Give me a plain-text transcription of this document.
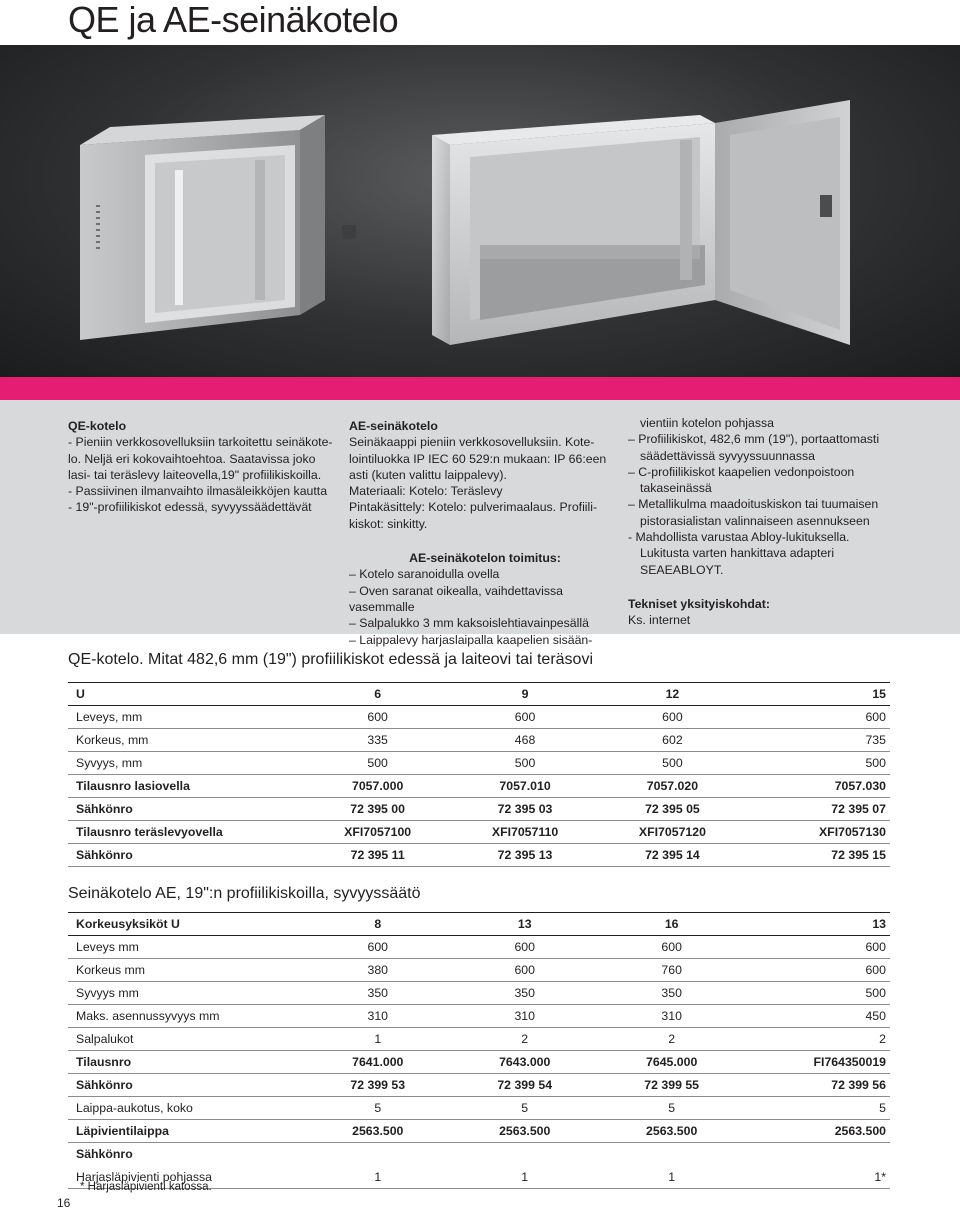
QE ja AE-seinäkotelo
QE-kotelo
- Pieniin verkkosovelluksiin tarkoitettu seinäkote-
lo. Neljä eri kokovaihtoehtoa. Saatavissa joko
lasi- tai teräslevy laiteovella,19" profiilikiskoilla.
- Passiivinen ilmanvaihto ilmasäleikköjen kautta
- 19"-profiilikiskot edessä, syvyyssäädettävät
AE-seinäkotelo
Seinäkaappi pieniin verkkosovelluksiin. Kote-
lointiluokka IP IEC 60 529:n mukaan: IP 66:een
asti (kuten valittu laippalevy).
Materiaali: Kotelo: Teräslevy
Pintakäsittely: Kotelo: pulverimaalaus. Profiili-
kiskot: sinkitty.
AE-seinäkotelon toimitus:
– Kotelo saranoidulla ovella
– Oven saranat oikealla, vaihdettavissa vasemmalle
– Salpalukko 3 mm kaksoislehtiavainpesällä
– Laippalevy harjaslaipalla kaapelien sisään-
vientiin kotelon pohjassa
– Profiilikiskot, 482,6 mm (19"), portaattomasti
säädettävissä syvyyssuunnassa
– C-profiilikiskot kaapelien vedonpoistoon
takaseinässä
– Metallikulma maadoituskiskon tai tuumaisen
pistorasialistan valinnaiseen asennukseen
- Mahdollista varustaa Abloy-lukituksella.
Lukitusta varten hankittava adapteri
SEAEABLOYT.
Tekniset yksityiskohdat:
Ks. internet
QE-kotelo. Mitat 482,6 mm (19") profiilikiskot edessä ja laiteovi tai teräsovi
U	6	9	12	15
Leveys, mm	600	600	600	600
Korkeus, mm	335	468	602	735
Syvyys, mm	500	500	500	500
Tilausnro lasiovella	7057.000	7057.010	7057.020	7057.030
Sähkönro	72 395 00	72 395 03	72 395 05	72 395 07
Tilausnro teräslevyovella	XFI7057100	XFI7057110	XFI7057120	XFI7057130
Sähkönro	72 395 11	72 395 13	72 395 14	72 395 15
Seinäkotelo AE, 19":n profiilikiskoilla, syvyyssäätö
Korkeusyksiköt U	8	13	16	13
Leveys mm	600	600	600	600
Korkeus mm	380	600	760	600
Syvyys mm	350	350	350	500
Maks. asennussyvyys mm	310	310	310	450
Salpalukot	1	2	2	2
Tilausnro	7641.000	7643.000	7645.000	FI764350019
Sähkönro	72 399 53	72 399 54	72 399 55	72 399 56
Laippa-aukotus, koko	5	5	5	5
Läpivientilaippa	2563.500	2563.500	2563.500	2563.500
Sähkönro				
Harjasläpivienti pohjassa	1	1	1	1*
* Harjasläpivienti katossa.
16
